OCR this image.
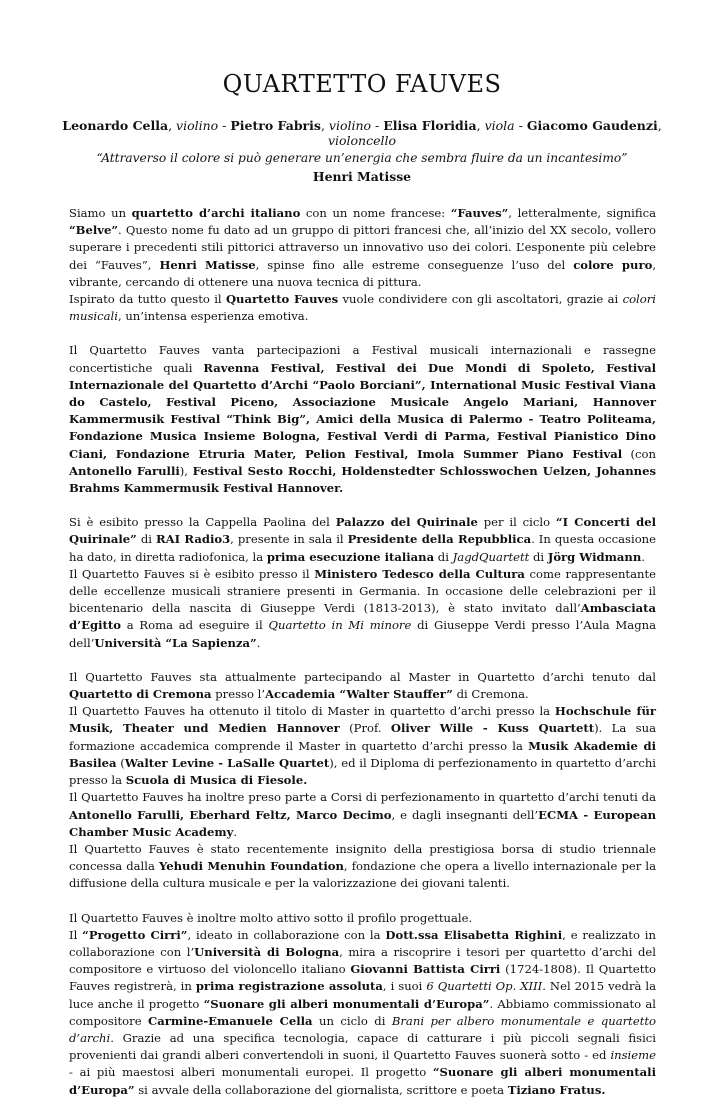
QUARTETTO FAUVES

Leonardo Cella, violino - Pietro Fabris, violino - Elisa Floridia, viola - Giacomo Gaudenzi, violoncello

“Attraverso il colore si può generare un’energia che sembra fluire da un incantesimo”

Henri Matisse

Siamo un quartetto d’archi italiano con un nome francese: “Fauves”, letteralmente, significa “Belve”. Questo nome fu dato ad un gruppo di pittori francesi che, all’inizio del XX secolo, vollero superare i precedenti stili pittorici attraverso un innovativo uso dei colori. L’esponente più celebre dei “Fauves”, Henri Matisse, spinse fino alle estreme conseguenze l’uso del colore puro, vibrante, cercando di ottenere una nuova tecnica di pittura.

Ispirato da tutto questo il Quartetto Fauves vuole condividere con gli ascoltatori, grazie ai colori musicali, un’intensa esperienza emotiva.

Il Quartetto Fauves vanta partecipazioni a Festival musicali internazionali e rassegne concertistiche quali Ravenna Festival, Festival dei Due Mondi di Spoleto, Festival Internazionale del Quartetto d’Archi “Paolo Borciani”, International Music Festival Viana do Castelo, Festival Piceno, Associazione Musicale Angelo Mariani, Hannover Kammermusik Festival “Think Big”, Amici della Musica di Palermo - Teatro Politeama, Fondazione Musica Insieme Bologna, Festival Verdi di Parma, Festival Pianistico Dino Ciani, Fondazione Etruria Mater, Pelion Festival, Imola Summer Piano Festival (con Antonello Farulli), Festival Sesto Rocchi, Holdenstedter Schlosswochen Uelzen, Johannes Brahms Kammermusik Festival Hannover.

Si è esibito presso la Cappella Paolina del Palazzo del Quirinale per il ciclo “I Concerti del Quirinale” di RAI Radio3, presente in sala il Presidente della Repubblica. In questa occasione ha dato, in diretta radiofonica, la prima esecuzione italiana di JagdQuartett di Jörg Widmann.

Il Quartetto Fauves si è esibito presso il Ministero Tedesco della Cultura come rappresentante delle eccellenze musicali straniere presenti in Germania. In occasione delle celebrazioni per il bicentenario della nascita di Giuseppe Verdi (1813-2013), è stato invitato dall’Ambasciata d’Egitto a Roma ad eseguire il Quartetto in Mi minore di Giuseppe Verdi presso l’Aula Magna dell’Università “La Sapienza”.

Il Quartetto Fauves sta attualmente partecipando al Master in Quartetto d’archi tenuto dal Quartetto di Cremona presso l’Accademia “Walter Stauffer” di Cremona.

Il Quartetto Fauves ha ottenuto il titolo di Master in quartetto d’archi presso la Hochschule für Musik, Theater und Medien Hannover (Prof. Oliver Wille - Kuss Quartett). La sua formazione accademica comprende il Master in quartetto d’archi presso la Musik Akademie di Basilea (Walter Levine - LaSalle Quartet), ed il Diploma di perfezionamento in quartetto d’archi presso la Scuola di Musica di Fiesole.

Il Quartetto Fauves ha inoltre preso parte a Corsi di perfezionamento in quartetto d’archi tenuti da Antonello Farulli, Eberhard Feltz, Marco Decimo, e dagli insegnanti dell’ECMA - European Chamber Music Academy.

Il Quartetto Fauves è stato recentemente insignito della prestigiosa borsa di studio triennale concessa dalla Yehudi Menuhin Foundation, fondazione che opera a livello internazionale per la diffusione della cultura musicale e per la valorizzazione dei giovani talenti.

Il Quartetto Fauves è inoltre molto attivo sotto il profilo progettuale.

Il “Progetto Cirri”, ideato in collaborazione con la Dott.ssa Elisabetta Righini, e realizzato in collaborazione con l’Università di Bologna, mira a riscoprire i tesori per quartetto d’archi del compositore e virtuoso del violoncello italiano Giovanni Battista Cirri (1724-1808). Il Quartetto Fauves registrerà, in prima registrazione assoluta, i suoi 6 Quartetti Op. XIII. Nel 2015 vedrà la luce anche il progetto “Suonare gli alberi monumentali d’Europa”. Abbiamo commissionato al compositore Carmine-Emanuele Cella un ciclo di Brani per albero monumentale e quartetto d’archi. Grazie ad una specifica tecnologia, capace di catturare i più piccoli segnali fisici provenienti dai grandi alberi convertendoli in suoni, il Quartetto Fauves suonerà sotto - ed insieme - ai più maestosi alberi monumentali europei. Il progetto “Suonare gli alberi monumentali d’Europa” si avvale della collaborazione del giornalista, scrittore e poeta Tiziano Fratus.
